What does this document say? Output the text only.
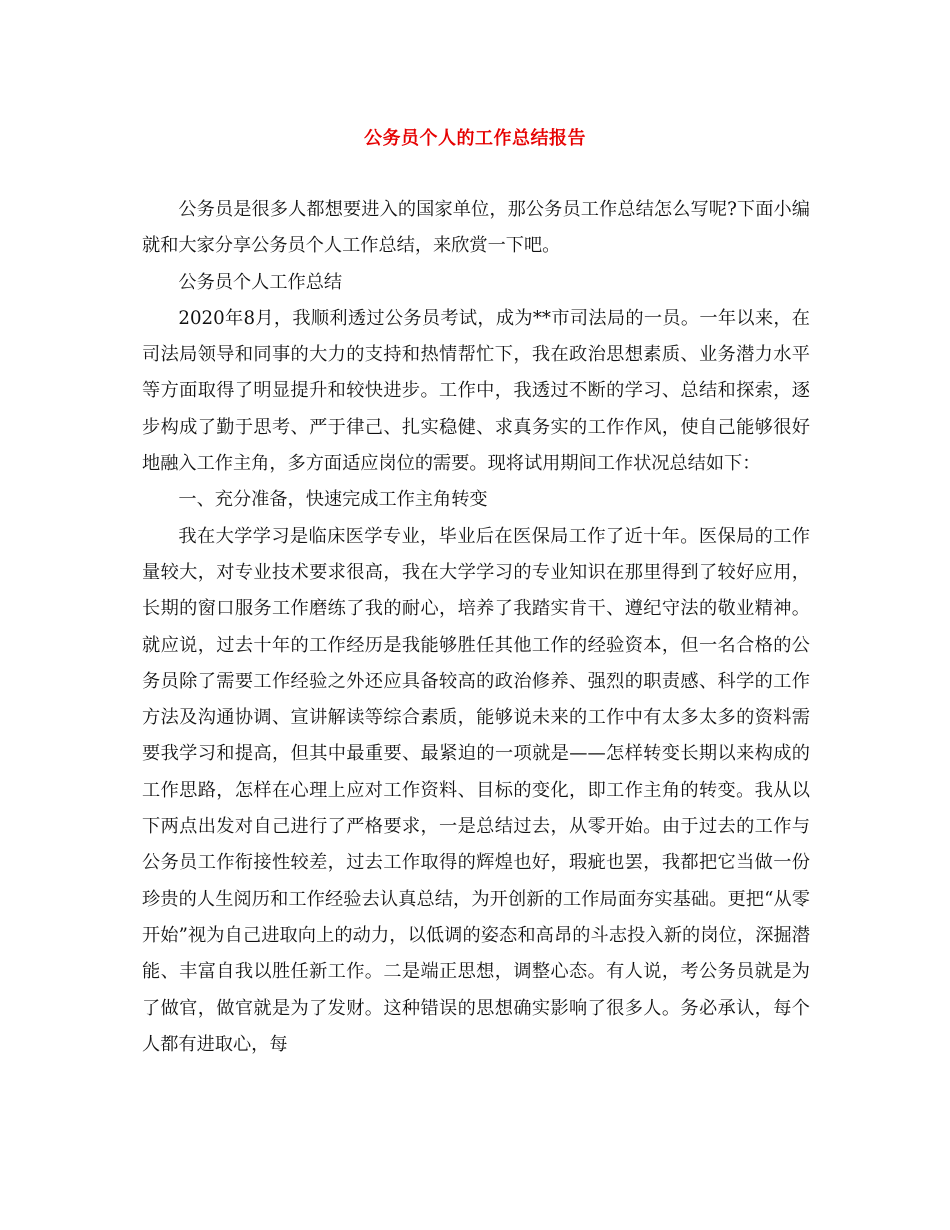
公务员个人的工作总结报告

公务员是很多人都想要进入的国家单位，那公务员工作总结怎么写呢?下面小编就和大家分享公务员个人工作总结，来欣赏一下吧。

公务员个人工作总结

2020年8月，我顺利透过公务员考试，成为**市司法局的一员。一年以来，在司法局领导和同事的大力的支持和热情帮忙下，我在政治思想素质、业务潜力水平等方面取得了明显提升和较快进步。工作中，我透过不断的学习、总结和探索，逐步构成了勤于思考、严于律己、扎实稳健、求真务实的工作作风，使自己能够很好地融入工作主角，多方面适应岗位的需要。现将试用期间工作状况总结如下：

一、充分准备，快速完成工作主角转变

我在大学学习是临床医学专业，毕业后在医保局工作了近十年。医保局的工作量较大，对专业技术要求很高，我在大学学习的专业知识在那里得到了较好应用，长期的窗口服务工作磨练了我的耐心，培养了我踏实肯干、遵纪守法的敬业精神。就应说，过去十年的工作经历是我能够胜任其他工作的经验资本，但一名合格的公务员除了需要工作经验之外还应具备较高的政治修养、强烈的职责感、科学的工作方法及沟通协调、宣讲解读等综合素质，能够说未来的工作中有太多太多的资料需要我学习和提高，但其中最重要、最紧迫的一项就是——怎样转变长期以来构成的工作思路，怎样在心理上应对工作资料、目标的变化，即工作主角的转变。我从以下两点出发对自己进行了严格要求，一是总结过去，从零开始。由于过去的工作与公务员工作衔接性较差，过去工作取得的辉煌也好，瑕疵也罢，我都把它当做一份珍贵的人生阅历和工作经验去认真总结，为开创新的工作局面夯实基础。更把“从零开始”视为自己进取向上的动力，以低调的姿态和高昂的斗志投入新的岗位，深掘潜能、丰富自我以胜任新工作。二是端正思想，调整心态。有人说，考公务员就是为了做官，做官就是为了发财。这种错误的思想确实影响了很多人。务必承认，每个人都有进取心，每
